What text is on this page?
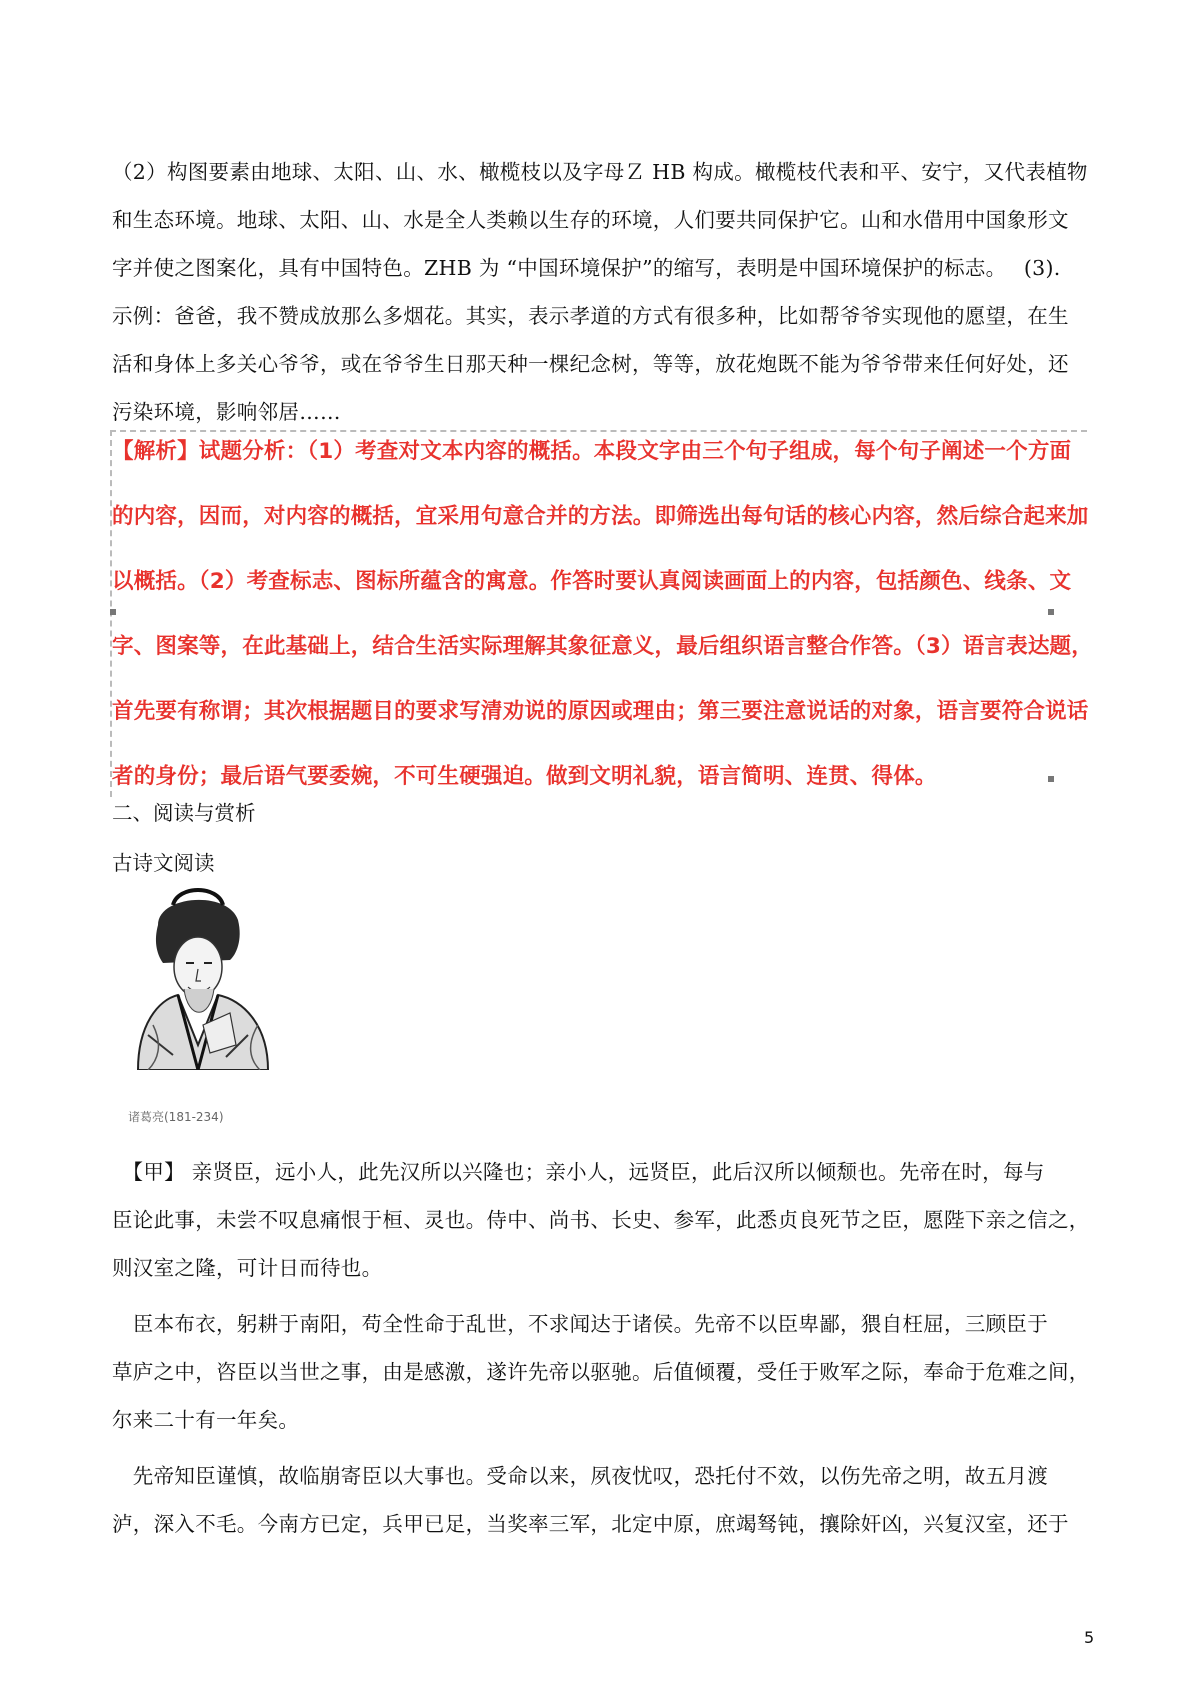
（2）构图要素由地球、太阳、山、水、橄榄枝以及字母Ｚ HB 构成。橄榄枝代表和平、安宁，又代表植物
和生态环境。地球、太阳、山、水是全人类赖以生存的环境，人们要共同保护它。山和水借用中国象形文
字并使之图案化，具有中国特色。ZHB 为 “中国环境保护”的缩写，表明是中国环境保护的标志。　 (3).
示例：爸爸，我不赞成放那么多烟花。其实，表示孝道的方式有很多种，比如帮爷爷实现他的愿望，在生
活和身体上多关心爷爷，或在爷爷生日那天种一棵纪念树，等等，放花炮既不能为爷爷带来任何好处，还
污染环境，影响邻居……
【解析】试题分析：（1）考查对文本内容的概括。本段文字由三个句子组成，每个句子阐述一个方面
的内容，因而，对内容的概括，宜采用句意合并的方法。即筛选出每句话的核心内容，然后综合起来加
以概括。（2）考查标志、图标所蕴含的寓意。作答时要认真阅读画面上的内容，包括颜色、线条、文
字、图案等，在此基础上，结合生活实际理解其象征意义，最后组织语言整合作答。（3）语言表达题，
首先要有称谓；其次根据题目的要求写清劝说的原因或理由；第三要注意说话的对象，语言要符合说话
者的身份；最后语气要委婉，不可生硬强迫。做到文明礼貌，语言简明、连贯、得体。
二、阅读与赏析
古诗文阅读
诸葛亮(181-234)
　【甲】 亲贤臣，远小人，此先汉所以兴隆也；亲小人，远贤臣，此后汉所以倾颓也。先帝在时，每与
臣论此事，未尝不叹息痛恨于桓、灵也。侍中、尚书、长史、参军，此悉贞良死节之臣，愿陛下亲之信之，
则汉室之隆，可计日而待也。
　臣本布衣，躬耕于南阳，苟全性命于乱世，不求闻达于诸侯。先帝不以臣卑鄙，猥自枉屈，三顾臣于
草庐之中，咨臣以当世之事，由是感激，遂许先帝以驱驰。后值倾覆，受任于败军之际，奉命于危难之间，
尔来二十有一年矣。
　先帝知臣谨慎，故临崩寄臣以大事也。受命以来，夙夜忧叹，恐托付不效，以伤先帝之明，故五月渡
泸，深入不毛。今南方已定，兵甲已足，当奖率三军，北定中原，庶竭驽钝，攘除奸凶，兴复汉室，还于
5
